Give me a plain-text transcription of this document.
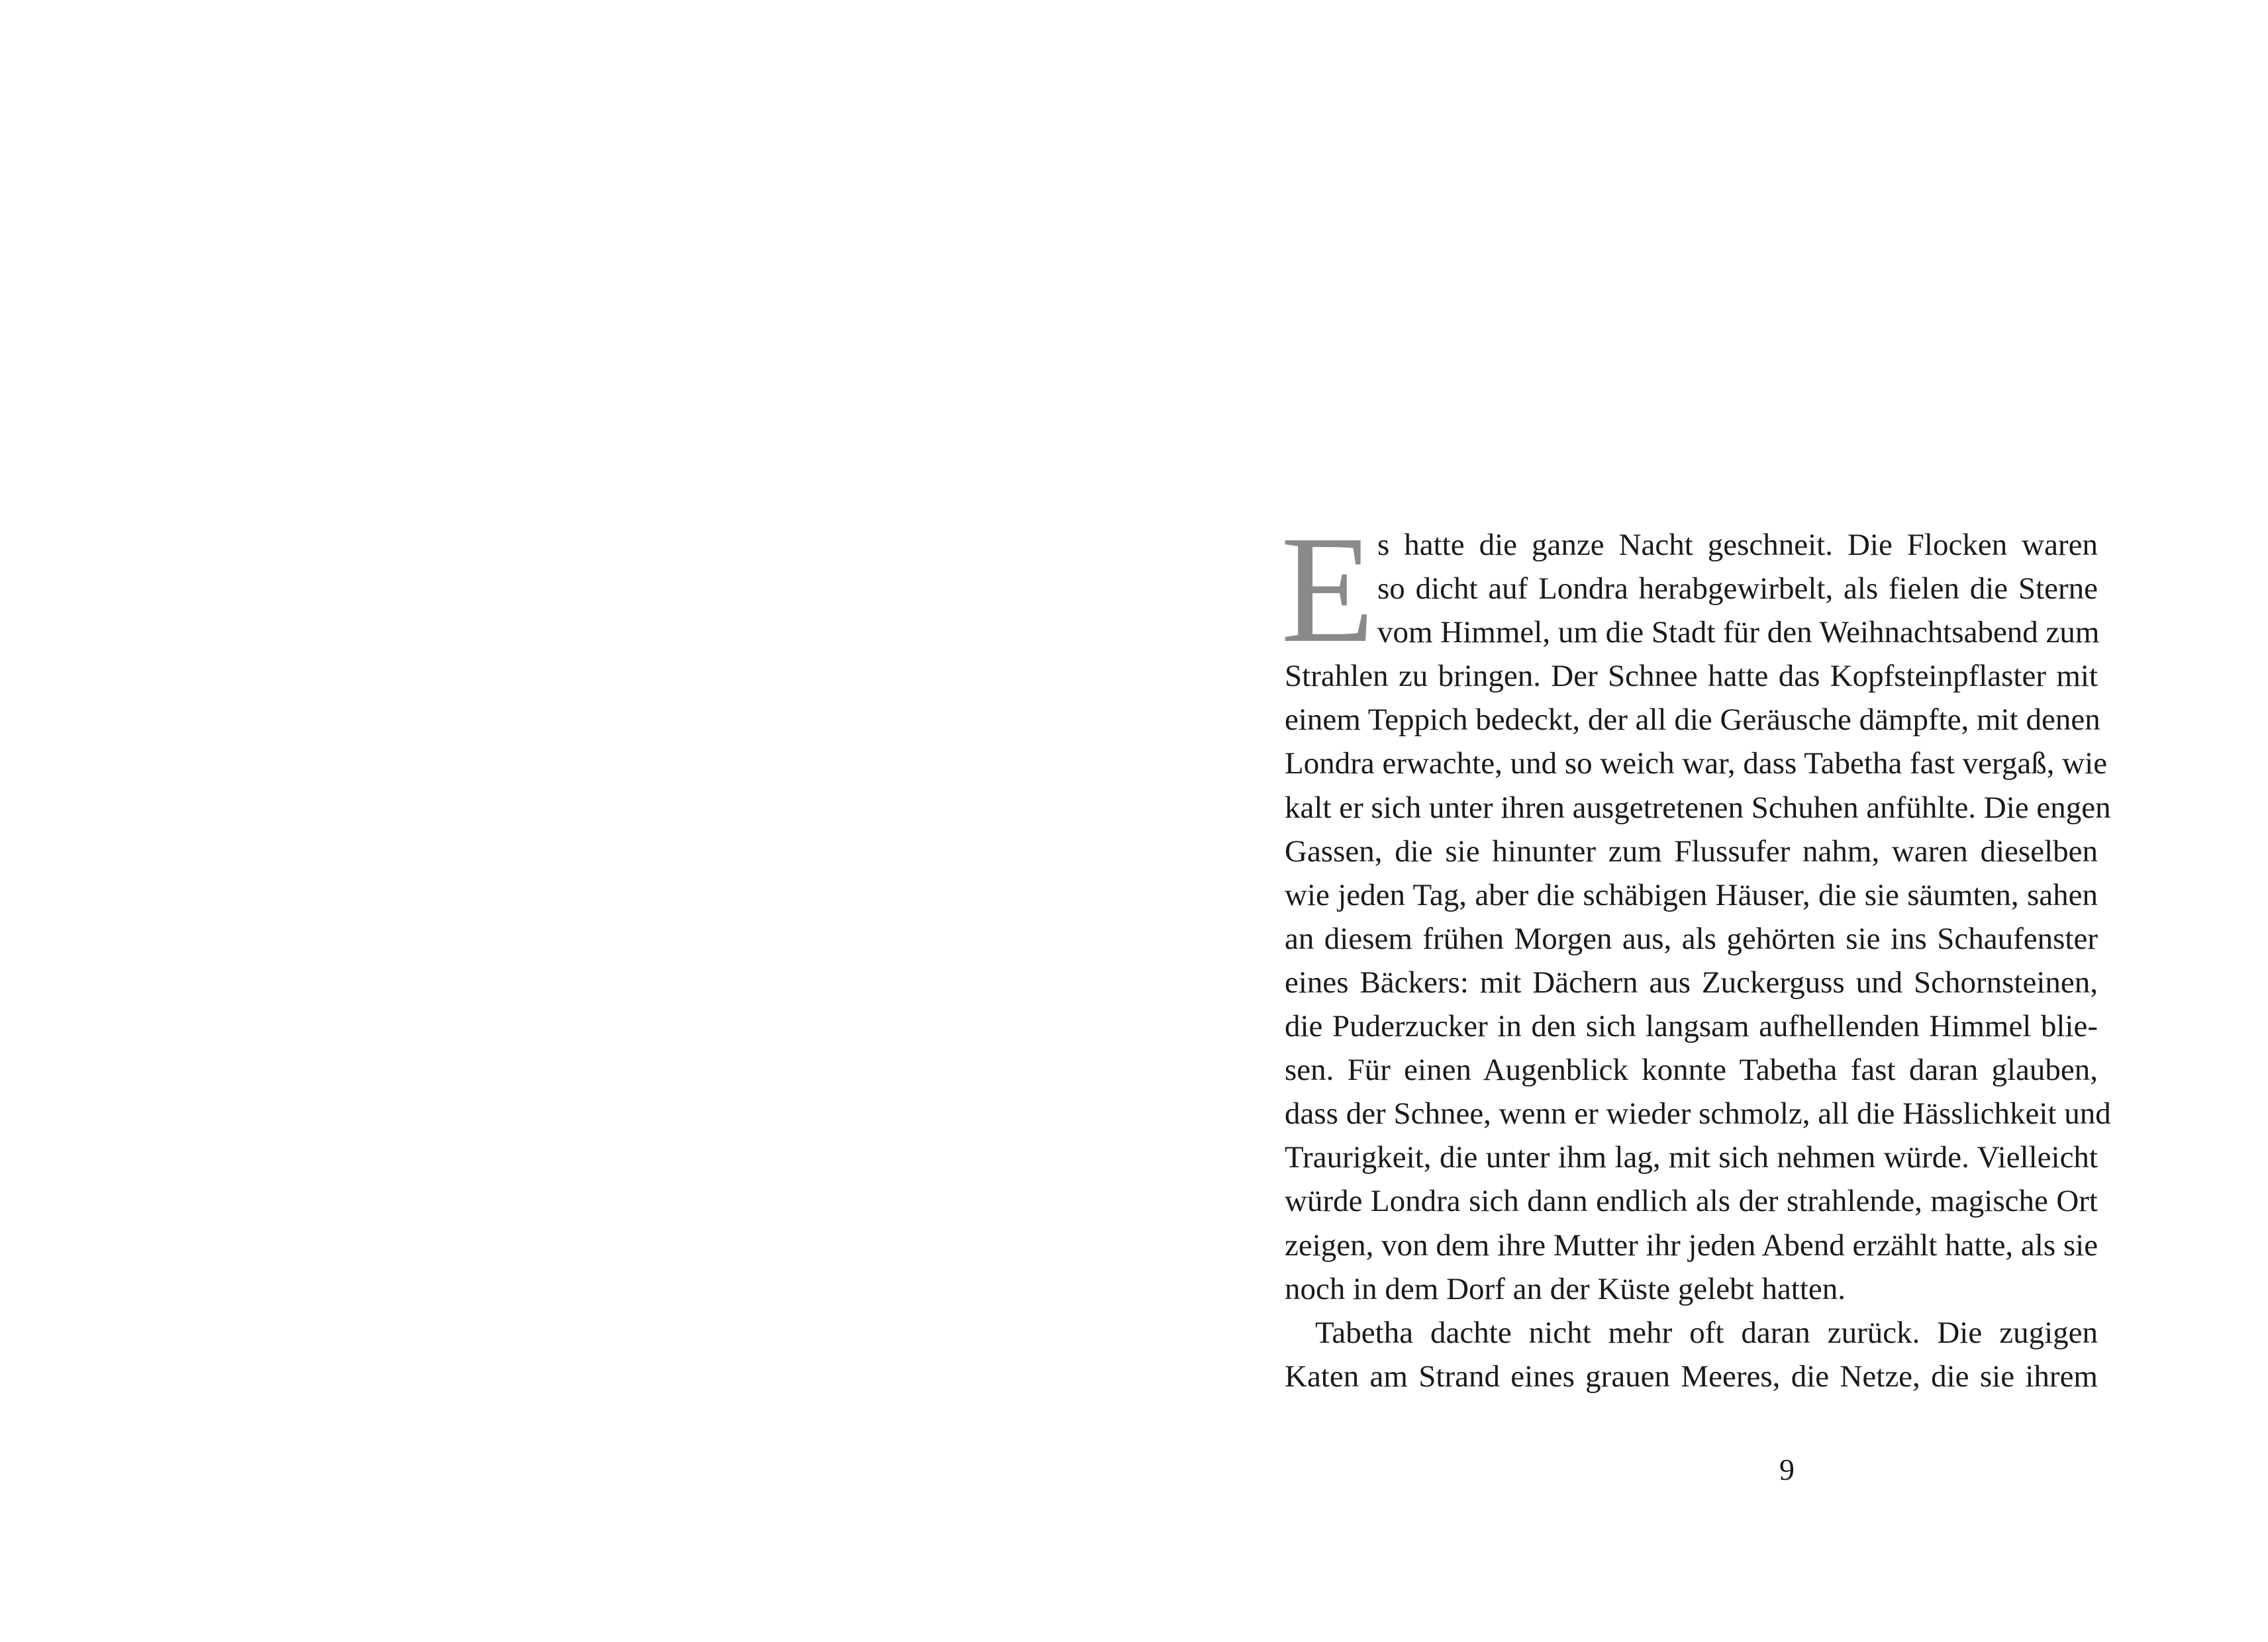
E s hatte die ganze Nacht geschneit. Die Flocken waren
so dicht auf Londra herabgewirbelt, als fielen die Sterne
vom Himmel, um die Stadt für den Weihnachtsabend zum
Strahlen zu bringen. Der Schnee hatte das Kopfsteinpflaster mit
einem Teppich bedeckt, der all die Geräusche dämpfte, mit denen
Londra erwachte, und so weich war, dass Tabetha fast vergaß, wie
kalt er sich unter ihren ausgetretenen Schuhen anfühlte. Die engen
Gassen, die sie hinunter zum Flussufer nahm, waren dieselben
wie jeden Tag, aber die schäbigen Häuser, die sie säumten, sahen
an diesem frühen Morgen aus, als gehörten sie ins Schaufenster
eines Bäckers: mit Dächern aus Zuckerguss und Schornsteinen,
die Puderzucker in den sich langsam aufhellenden Himmel blie-
sen. Für einen Augenblick konnte Tabetha fast daran glauben,
dass der Schnee, wenn er wieder schmolz, all die Hässlichkeit und
Traurigkeit, die unter ihm lag, mit sich nehmen würde. Vielleicht
würde Londra sich dann endlich als der strahlende, magische Ort
zeigen, von dem ihre Mutter ihr jeden Abend erzählt hatte, als sie
noch in dem Dorf an der Küste gelebt hatten.
Tabetha dachte nicht mehr oft daran zurück. Die zugigen
Katen am Strand eines grauen Meeres, die Netze, die sie ihrem
9
